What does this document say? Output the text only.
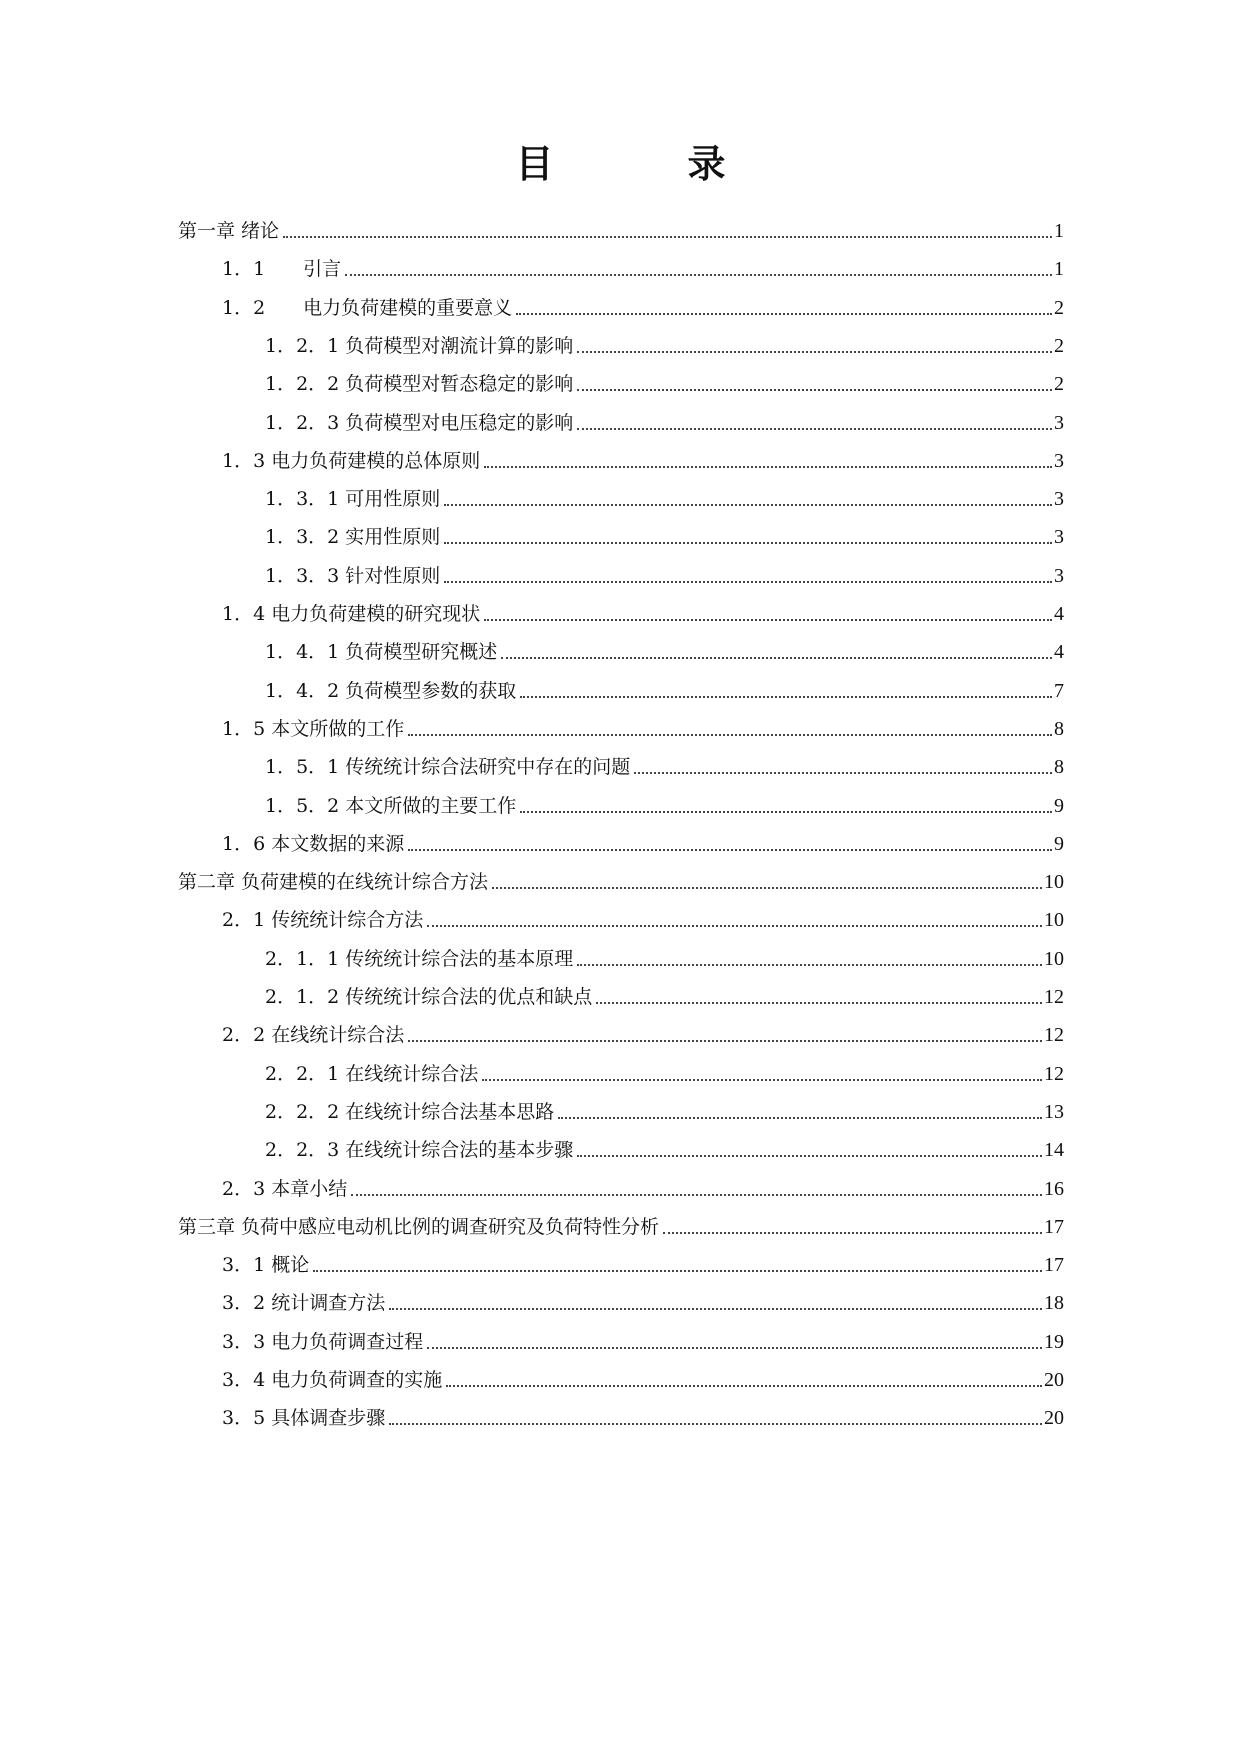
目　录
第一章 绪论	1
1．1　　引言	1
1．2　　电力负荷建模的重要意义	2
1．2．1 负荷模型对潮流计算的影响	2
1．2．2 负荷模型对暂态稳定的影响	2
1．2．3 负荷模型对电压稳定的影响	3
1．3 电力负荷建模的总体原则	3
1．3．1 可用性原则	3
1．3．2 实用性原则	3
1．3．3 针对性原则	3
1．4 电力负荷建模的研究现状	4
1．4．1 负荷模型研究概述	4
1．4．2 负荷模型参数的获取	7
1．5 本文所做的工作	8
1．5．1 传统统计综合法研究中存在的问题	8
1．5．2 本文所做的主要工作	9
1．6 本文数据的来源	9
第二章 负荷建模的在线统计综合方法	10
2．1 传统统计综合方法	10
2．1．1 传统统计综合法的基本原理	10
2．1．2 传统统计综合法的优点和缺点	12
2．2 在线统计综合法	12
2．2．1 在线统计综合法	12
2．2．2 在线统计综合法基本思路	13
2．2．3 在线统计综合法的基本步骤	14
2．3 本章小结	16
第三章 负荷中感应电动机比例的调查研究及负荷特性分析	17
3．1 概论	17
3．2 统计调查方法	18
3．3 电力负荷调查过程	19
3．4 电力负荷调查的实施	20
3．5 具体调查步骤	20
